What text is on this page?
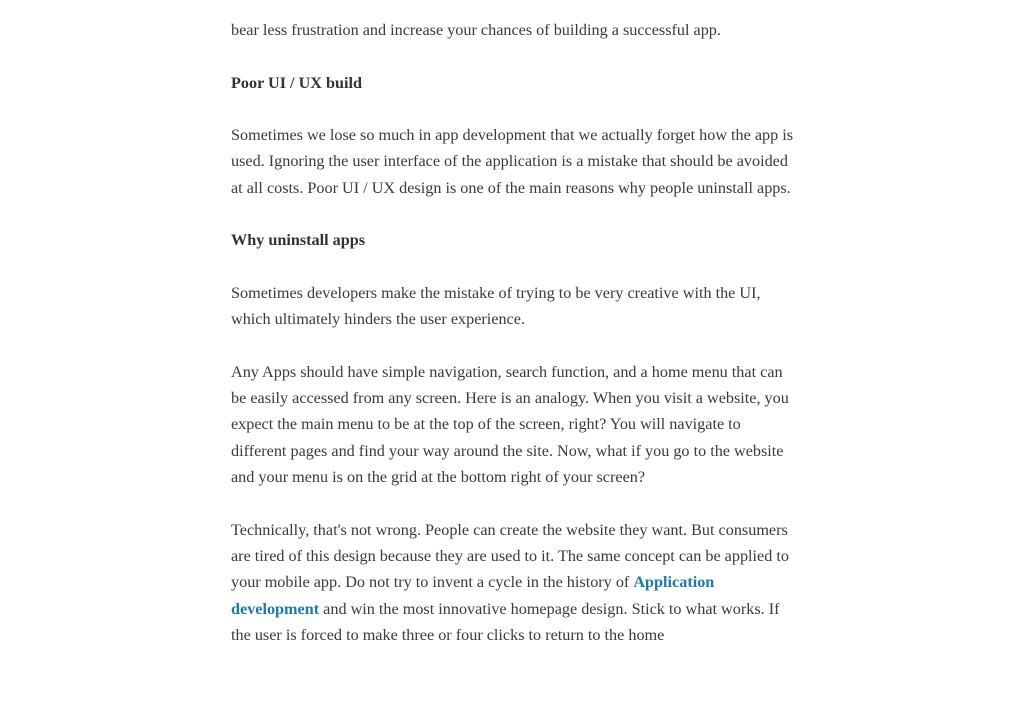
bear less frustration and increase your chances of building a successful app.

Poor UI / UX build

Sometimes we lose so much in app development that we actually forget how the app is used. Ignoring the user interface of the application is a mistake that should be avoided at all costs. Poor UI / UX design is one of the main reasons why people uninstall apps.

Why uninstall apps

Sometimes developers make the mistake of trying to be very creative with the UI, which ultimately hinders the user experience.

Any Apps should have simple navigation, search function, and a home menu that can be easily accessed from any screen. Here is an analogy. When you visit a website, you expect the main menu to be at the top of the screen, right? You will navigate to different pages and find your way around the site. Now, what if you go to the website and your menu is on the grid at the bottom right of your screen?

Technically, that's not wrong. People can create the website they want. But consumers are tired of this design because they are used to it. The same concept can be applied to your mobile app. Do not try to invent a cycle in the history of Application development and win the most innovative homepage design. Stick to what works. If the user is forced to make three or four clicks to return to the home
